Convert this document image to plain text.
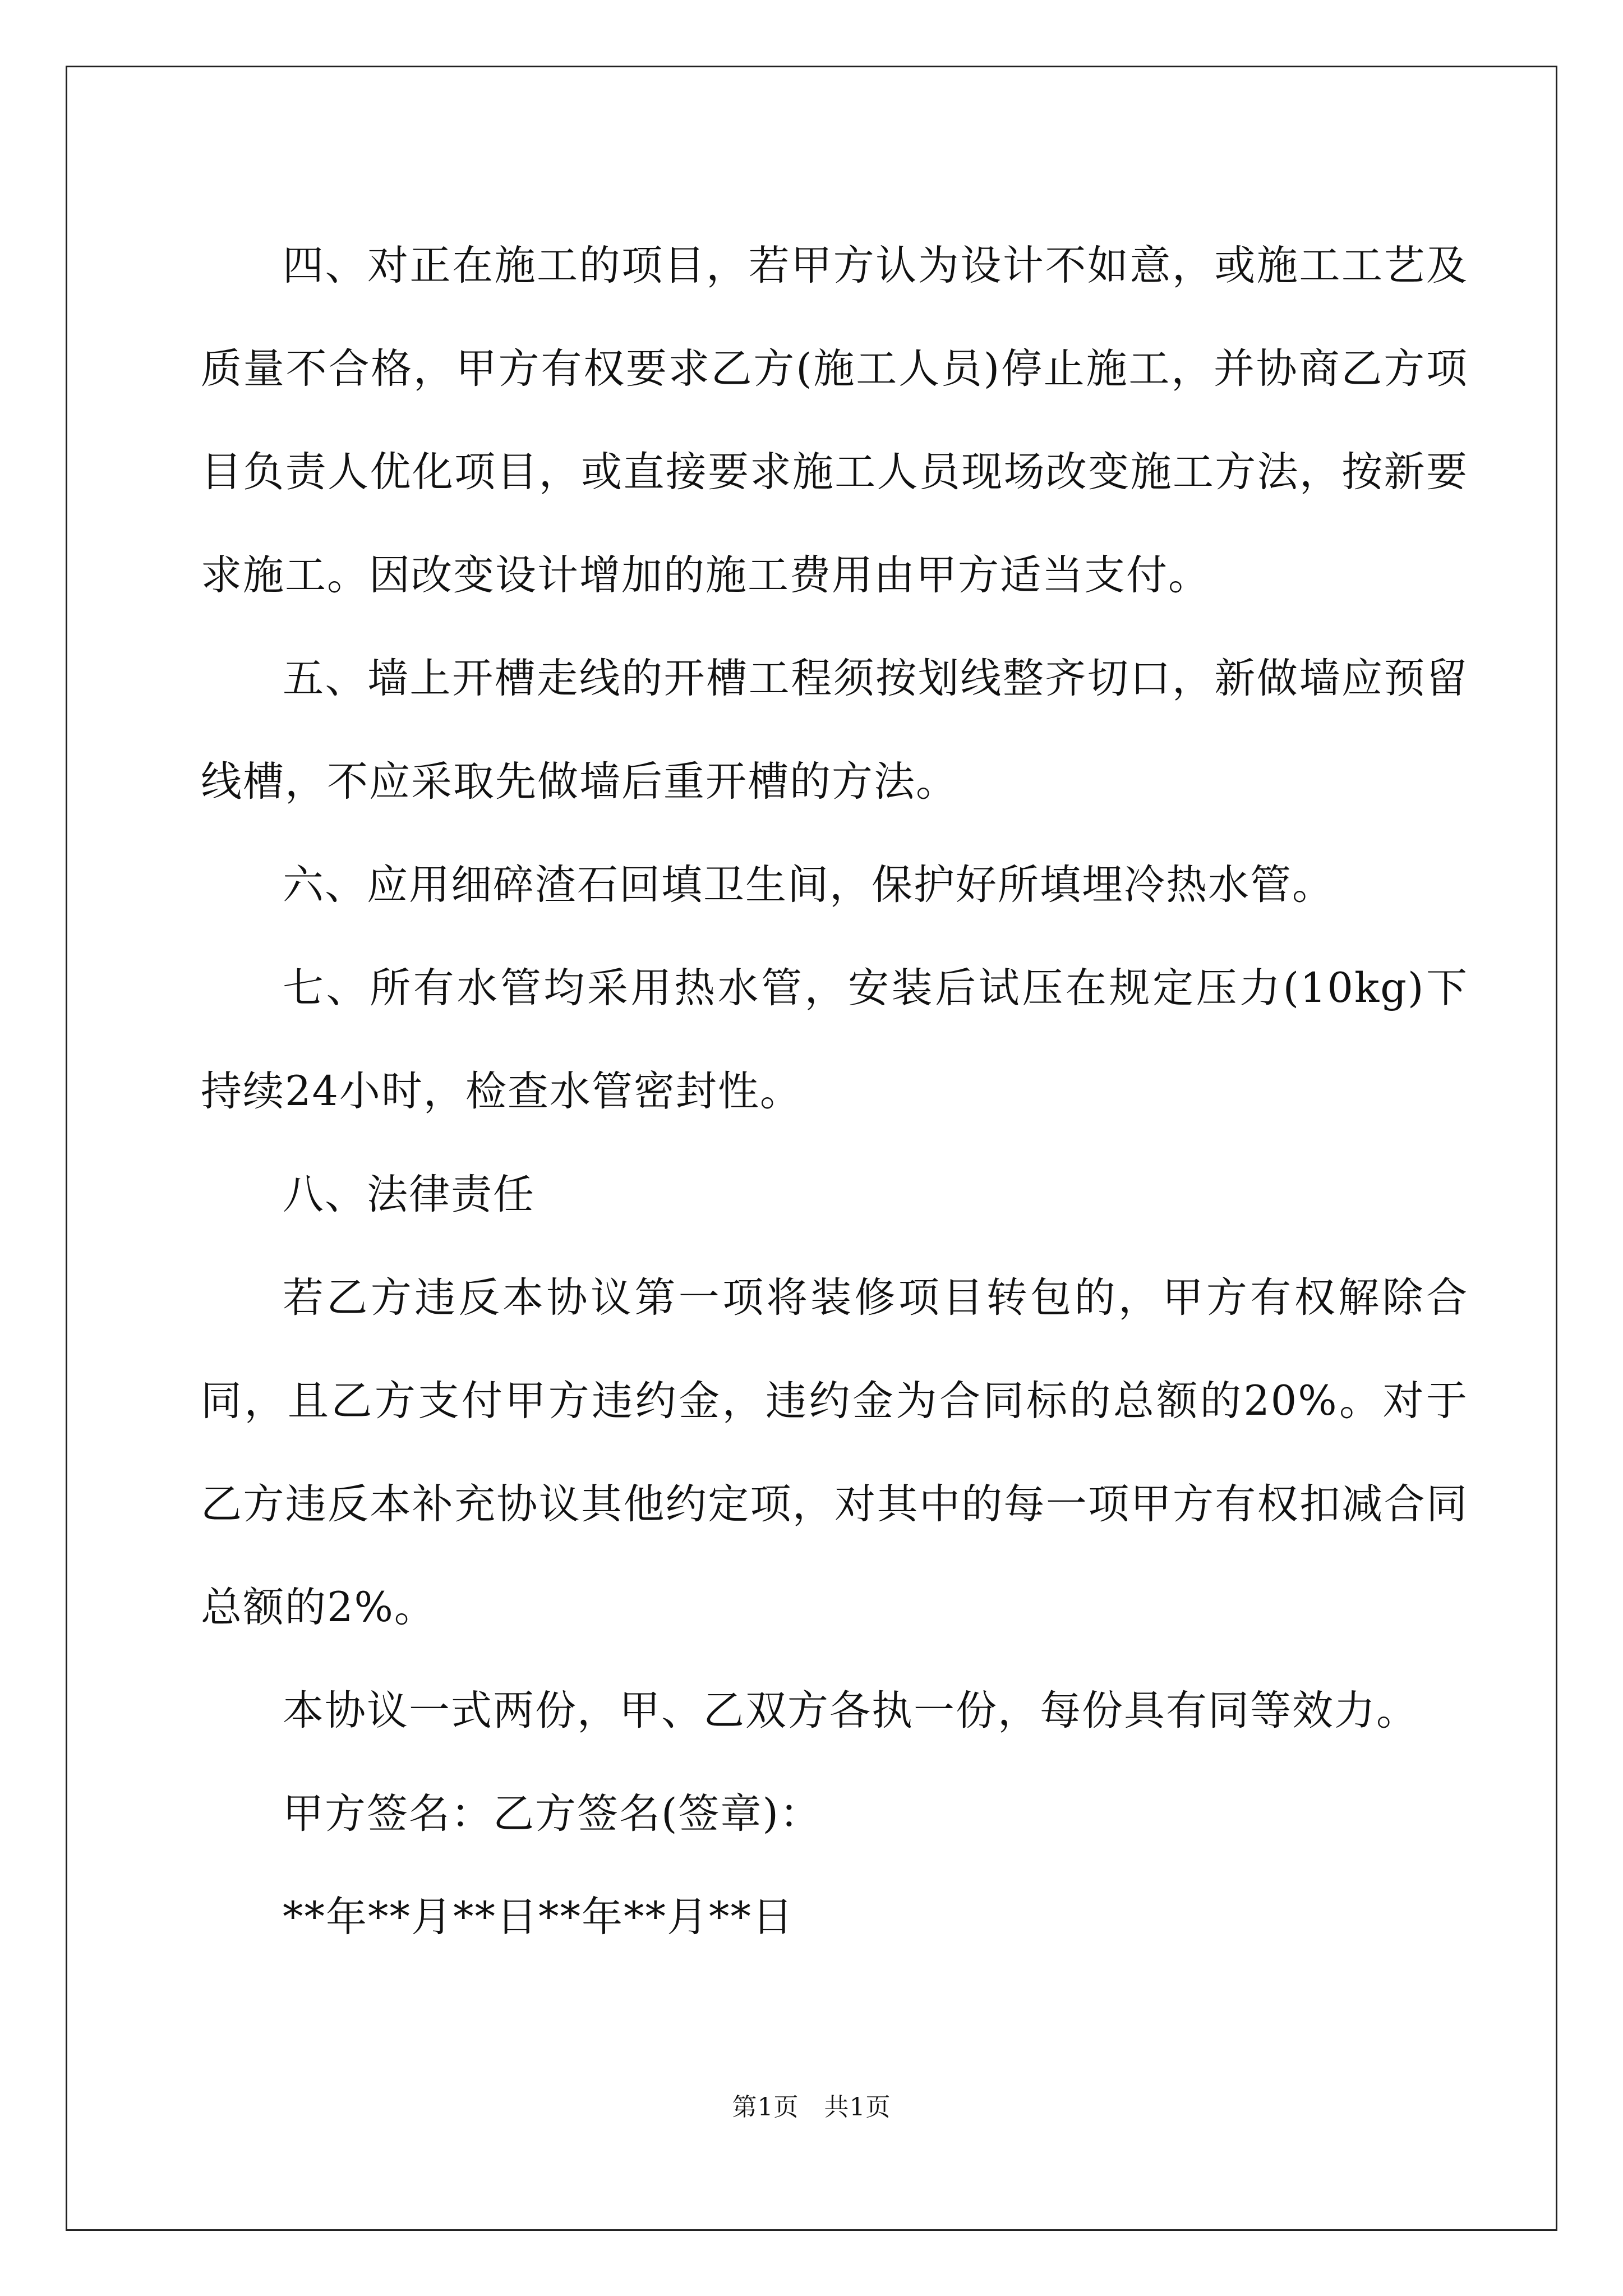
四、对正在施工的项目，若甲方认为设计不如意，或施工工艺及质量不合格，甲方有权要求乙方(施工人员)停止施工，并协商乙方项目负责人优化项目，或直接要求施工人员现场改变施工方法，按新要求施工。因改变设计增加的施工费用由甲方适当支付。

五、墙上开槽走线的开槽工程须按划线整齐切口，新做墙应预留线槽，不应采取先做墙后重开槽的方法。

六、应用细碎渣石回填卫生间，保护好所填埋冷热水管。

七、所有水管均采用热水管，安装后试压在规定压力(10kg)下持续24小时，检查水管密封性。

八、法律责任

若乙方违反本协议第一项将装修项目转包的，甲方有权解除合同，且乙方支付甲方违约金，违约金为合同标的总额的20%。对于乙方违反本补充协议其他约定项，对其中的每一项甲方有权扣减合同总额的2%。

本协议一式两份，甲、乙双方各执一份，每份具有同等效力。

甲方签名：乙方签名(签章)：

**年**月**日**年**月**日

第1页　共1页
